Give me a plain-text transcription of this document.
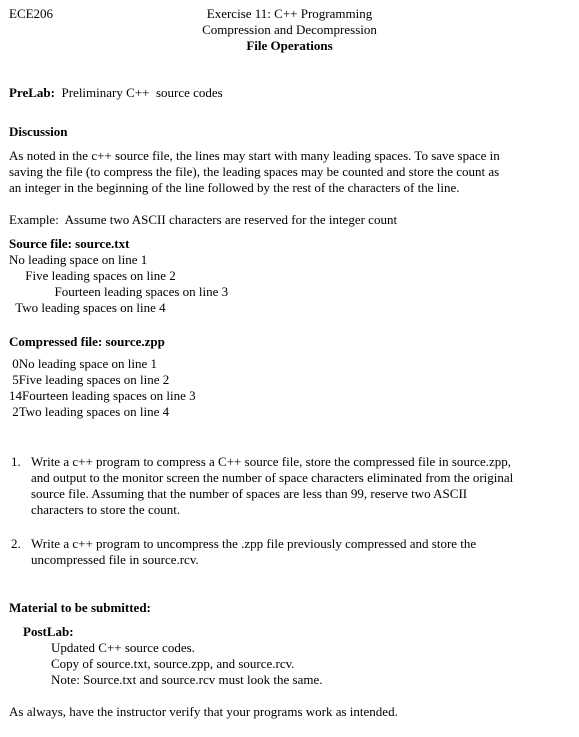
ECE206	Exercise 11: C++ Programming
Compression and Decompression
File Operations
PreLab: Preliminary C++  source codes
Discussion
As noted in the c++ source file, the lines may start with many leading spaces. To save space in
saving the file (to compress the file), the leading spaces may be counted and store the count as
an integer in the beginning of the line followed by the rest of the characters of the line.
Example:  Assume two ASCII characters are reserved for the integer count
Source file: source.txt
No leading space on line 1
Five leading spaces on line 2
Fourteen leading spaces on line 3
Two leading spaces on line 4
Compressed file: source.zpp
0No leading space on line 1
5Five leading spaces on line 2
14Fourteen leading spaces on line 3
2Two leading spaces on line 4
1. Write a c++ program to compress a C++ source file, store the compressed file in source.zpp,
and output to the monitor screen the number of space characters eliminated from the original
source file. Assuming that the number of spaces are less than 99, reserve two ASCII
characters to store the count.
2. Write a c++ program to uncompress the .zpp file previously compressed and store the
uncompressed file in source.rcv.
Material to be submitted:
PostLab:
Updated C++ source codes.
Copy of source.txt, source.zpp, and source.rcv.
Note: Source.txt and source.rcv must look the same.
As always, have the instructor verify that your programs work as intended.
